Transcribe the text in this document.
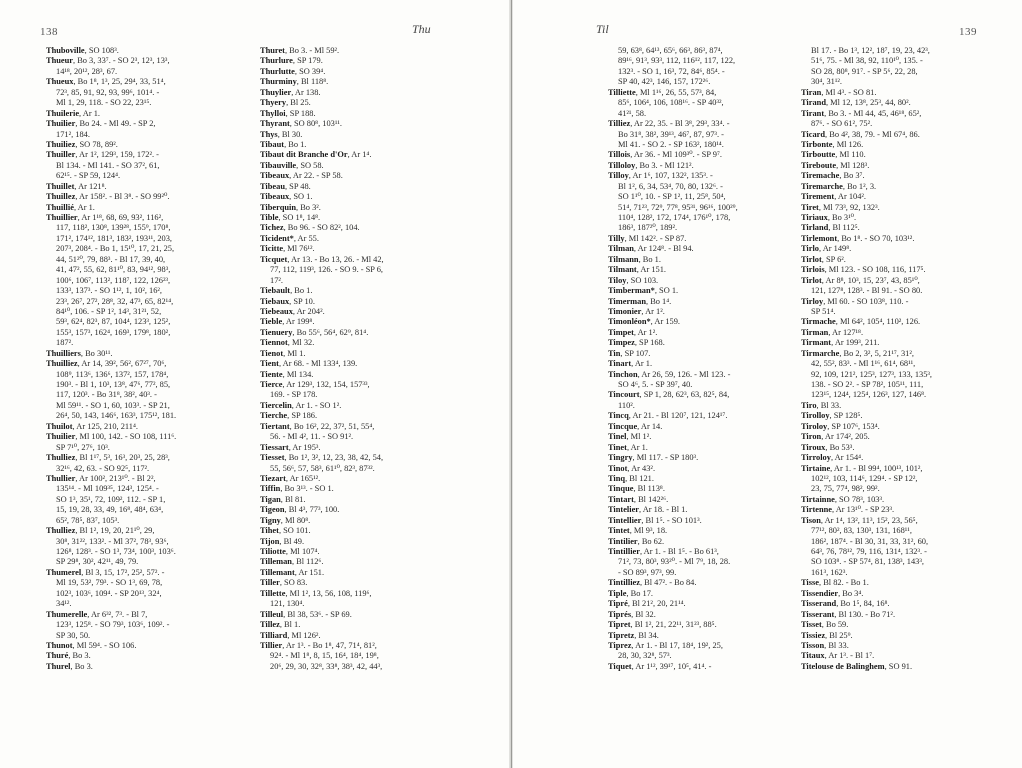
138	Thu
Thuboville, SO 108³.
Thueur, Bo 3, 33⁷. - SO 2³, 12³, 13³,
14¹⁸, 20¹², 28³, 67.
Thueux, Bo 1⁸, 1³, 25, 29⁴, 33, 51⁴,
72³, 85, 91, 92, 93, 99⁶, 101⁴. -
Ml 1, 29, 118. - SO 22, 23¹⁵.
Thuilerie, Ar 1.
Thuilier, Bo 24. - Ml 49. - SP 2,
171², 184.
Thuiliez, SO 78, 89².
Thuiller, Ar 1², 129³, 159, 172². -
Bl 134. - Ml 141. - SO 37², 61,
62¹⁵. - SP 59, 124⁴.
Thuillet, Ar 121⁸.
Thuillez, Ar 158². - Bl 3⁸. - SO 99²⁰.
Thuillié, Ar 1.
Thuillier, Ar 1¹⁸, 68, 69, 93², 116²,
117, 118², 130⁸, 139²⁸, 155⁹, 170⁸,
171², 174¹², 181³, 183², 193¹¹, 203,
207³, 208⁴. - Bo 1, 15¹⁰, 17, 21, 25,
44, 51²⁰, 79, 88³. - Bl 17, 39, 40,
41, 47², 55, 62, 81¹⁰, 83, 94¹², 98³,
100⁶, 106⁷, 113², 118⁷, 122, 126²³,
133³, 137³. - SO 1¹², 1, 10², 16²,
23³, 26⁷, 27², 28⁸, 32, 47³, 65, 82¹⁴,
84¹⁰, 106. - SP 1², 14³, 31²¹, 52,
59³, 62⁴, 82³, 87, 104⁴, 123³, 125²,
155³, 157³, 162⁴, 169³, 179⁸, 180²,
187².
Thuilliers, Bo 30¹¹.
Thuilliez, Ar 14, 39², 56², 67²⁷, 70⁶,
108⁹, 113⁶, 136⁶, 137², 157, 178⁴,
190³. - Bl 1, 10³, 13⁸, 47⁶, 77², 85,
117, 120³. - Bo 31⁸, 38², 40³. -
Ml 59¹¹. - SO 1, 60, 103³. - SP 21,
26⁴, 50, 143, 146⁶, 163³, 175¹², 181.
Thuilot, Ar 125, 210, 211⁴.
Thuilier, Ml 100, 142. - SO 108, 111⁶.
SP 7¹⁰, 27⁶, 10³.
Thulliez, Bl 1¹⁷, 5³, 16³, 20³, 25, 28³,
32¹⁶, 42, 63. - SO 92⁵, 117².
Thullier, Ar 100², 213¹⁰. - Bl 2²,
135¹⁴. - Ml 109³⁵, 124³, 125⁴. -
SO 1³, 35¹, 72, 109², 112. - SP 1,
15, 19, 28, 33, 49, 16⁸, 48⁴, 63⁴,
65², 78⁵, 83⁷, 105³.
Thulliez, Bl 1², 19, 20, 21¹⁰, 29,
30⁸, 31²², 133². - Ml 37², 78³, 93⁶,
126⁸, 128³. - SO 1³, 73⁴, 100³, 103⁶.
SP 29⁸, 30², 42¹¹, 49, 79.
Thumerel, Bl 3, 15, 17², 25², 57². -
Ml 19, 53², 79³. - SO 1³, 69, 78,
102³, 103⁶, 109⁴. - SP 20¹³, 32⁴,
34¹².
Thumerelle, Ar 6³², 7³. - Bl 7,
123³, 125⁸. - SO 79³, 103⁶, 109². -
SP 30, 50.
Thunot, Ml 59⁴. - SO 106.
Thuré, Bo 3.
Thurel, Bo 3.
Thuret, Bo 3. - Ml 59².
Thurlure, SP 179.
Thurlutte, SO 39⁴.
Thurminy, Bl 118⁸.
Thuylier, Ar 138.
Thyery, Bl 25.
Thylloi, SP 188.
Thyrant, SO 80⁸, 103¹¹.
Thys, Bl 30.
Tibaut, Bo 1.
Tibaut dit Branche d'Or, Ar 1⁴.
Tibauville, SO 58.
Tibeaux, Ar 22. - SP 58.
Tibeau, SP 48.
Tibeaux, SO 1.
Tiberquin, Bo 3².
Tible, SO 1⁸, 14⁸.
Tichez, Bo 96. - SO 82², 104.
Ticident*, Ar 55.
Ticitte, Ml 76¹².
Ticquet, Ar 13. - Bo 13, 26. - Ml 42,
77, 112, 119³, 126. - SO 9. - SP 6,
17².
Tiebault, Bo 1.
Tiebaux, SP 10.
Tiebeaux, Ar 204².
Tieble, Ar 199⁸.
Tienuery, Bo 55⁶, 56⁴, 62⁹, 81⁴.
Tiennot, Ml 32.
Tienot, Ml 1.
Tient, Ar 68. - Ml 133⁴, 139.
Tiente, Ml 134.
Tierce, Ar 129³, 132, 154, 157³³,
169. - SP 178.
Tiercelin, Ar 1. - SO 1².
Tierche, SP 186.
Tiertant, Bo 16², 22, 37², 51, 55⁴,
56. - Ml 4², 11. - SO 91².
Tiessart, Ar 195³.
Tiesset, Bo 1², 3², 12, 23, 38, 42, 54,
55, 56⁶, 57, 58³, 61¹⁰, 82³, 87³².
Tiezart, Ar 165¹².
Tiffin, Bo 3¹³. - SO 1.
Tigan, Bl 81.
Tigeon, Bl 4³, 77³, 100.
Tigny, Ml 80⁸.
Tihet, SO 101.
Tijon, Bl 49.
Tiliotte, Ml 107⁴.
Tilleman, Bl 112⁶.
Tillemant, Ar 151.
Tiller, SO 83.
Tillette, Ml 1², 13, 56, 108, 119⁶,
121, 130⁴.
Tilleul, Bl 38, 53⁶. - SP 69.
Tillez, Bl 1.
Tilliard, Ml 126².
Tillier, Ar 1³. - Bo 1⁸, 47, 71⁴, 81²,
92⁴. - Ml 1⁸, 8, 15, 16⁴, 18⁴, 19⁸,
20⁶, 29, 30, 32⁸, 33⁸, 38³, 42, 44³,
Til	139
59, 63⁸, 64¹³, 65⁶, 66³, 86³, 87⁴,
89¹⁶, 91³, 93³, 112, 116¹², 117, 122,
132³. - SO 1, 16³, 72, 84⁶, 85⁴. -
SP 40, 42³, 146, 157, 172²⁶.
Tilliette, Ml 1¹⁶, 26, 55, 57³, 84,
85⁶, 106⁴, 106, 108¹⁶. - SP 40³²,
41²¹, 58.
Tilliez, Ar 22, 35. - Bl 3⁸, 29³, 33⁴. -
Bo 31⁸, 38², 39¹³, 46⁷, 87, 97³. -
Ml 41. - SO 2. - SP 163², 180¹⁴.
Tillois, Ar 36. - Ml 109³⁰. - SP 9⁷.
Tilloloy, Bo 3. - Ml 121².
Tilloy, Ar 1⁶, 107, 132², 135³. -
Bl 1², 6, 34, 53⁴, 70, 80, 132⁶. -
SO 1¹⁰, 10. - SP 1², 11, 25⁸, 50⁴,
51⁴, 71²³, 72⁹, 77⁸, 95³¹, 96¹⁶, 100²⁹,
110⁴, 128², 172, 174⁴, 176¹⁰, 178,
186³, 187²⁰, 189².
Tilly, Ml 142². - SP 87.
Tilman, Ar 124⁸. - Bl 94.
Tilmann, Bo 1.
Tilmant, Ar 151.
Tiloy, SO 103.
Timberman*, SO 1.
Timerman, Bo 1⁴.
Timonier, Ar 1².
Timonléon*, Ar 159.
Timpet, Ar 1².
Timpez, SP 168.
Tin, SP 107.
Tinart, Ar 1.
Tinchon, Ar 26, 59, 126. - Ml 123. -
SO 4⁶, 5. - SP 39⁷, 40.
Tincourt, SP 1, 28, 62³, 63, 82⁵, 84,
110².
Tincq, Ar 21. - Bl 120⁷, 121, 124¹⁷.
Tincque, Ar 14.
Tinel, Ml 1².
Tinet, Ar 1.
Tingry, Ml 117. - SP 180³.
Tinot, Ar 43².
Tinq, Bl 121.
Tinque, Bl 113⁸.
Tintart, Bl 142²⁶.
Tintelier, Ar 18. - Bl 1.
Tintellier, Bl 1⁵. - SO 101³.
Tintet, Ml 9³, 18.
Tintilier, Bo 62.
Tintillier, Ar 1. - Bl 1⁵. - Bo 61³,
71², 73, 80³, 93²⁰. - Ml 7⁹, 18, 28.
- SO 89³, 97³, 99.
Tintilliez, Bl 47². - Bo 84.
Tiple, Bo 17.
Tipré, Bl 21², 20, 21¹⁴.
Tiprés, Bl 32.
Tipret, Bl 1², 21, 22¹¹, 31²³, 88⁵.
Tipretz, Bl 34.
Tiprez, Ar 1. - Bl 17, 18⁴, 19², 25,
28, 30, 32⁸, 57³.
Tiquet, Ar 1¹², 39¹⁷, 10⁵, 41⁴. -
Bl 17. - Bo 1³, 12², 18⁷, 19, 23, 42³,
51⁶, 75. - Ml 38, 92, 110¹⁰, 135. -
SO 28, 80⁸, 91⁷. - SP 5⁶, 22, 28,
30⁴, 31¹².
Tiran, Ml 4³. - SO 81.
Tirand, Ml 12, 13⁸, 25³, 44, 80².
Tirant, Bo 3. - Ml 44, 45, 46¹⁸, 65²,
87⁶. - SO 61², 75².
Ticard, Bo 4², 38, 79. - Ml 67⁴, 86.
Tirbonte, Ml 126.
Tirboutte, Ml 110.
Tireboute, Ml 128³.
Tiremache, Bo 3⁷.
Tiremarche, Bo 1², 3.
Tirement, Ar 104².
Tiret, Ml 73³, 92, 132³.
Tiriaux, Bo 3¹⁰.
Tirland, Bl 112⁵.
Tirlemont, Bo 1⁸. - SO 70, 103¹².
Tirlo, Ar 149⁸.
Tirlot, SP 6².
Tirlois, Ml 123. - SO 108, 116, 117⁵.
Tirlot, Ar 8⁸, 10³, 15, 23⁷, 43, 85¹⁰,
121, 127⁸, 128³. - Bl 91. - SO 80.
Tirloy, Ml 60. - SO 103⁸, 110. -
SP 51⁴.
Tirmache, Ml 64², 105⁴, 110², 126.
Tirman, Ar 127¹⁸.
Tirmant, Ar 199³, 211.
Tirmarche, Bo 2, 3², 5, 21¹⁷, 31²,
42, 55², 83³. - Ml 1¹⁶, 61⁴, 68¹¹,
92, 109, 121², 125³, 127³, 133, 135³,
138. - SO 2². - SP 78², 105¹¹, 111,
123¹⁵, 124⁴, 125⁴, 126³, 127, 146⁸.
Tiro, Bl 33.
Tirolloy, SP 128⁵.
Tiroloy, SP 107⁶, 153⁴.
Tiron, Ar 174², 205.
Tiroux, Bo 53³.
Tirroloy, Ar 154⁴.
Tirtaine, Ar 1. - Bl 99⁴, 100¹³, 101²,
102¹², 103, 114⁶, 129⁴. - SP 12²,
23, 75, 77⁴, 98², 99².
Tirtainne, SO 78³, 103³.
Tirtenne, Ar 13¹⁰. - SP 23³.
Tison, Ar 1⁴, 13², 11³, 15², 23, 56⁵,
77¹², 80², 83, 130³, 131, 168¹¹,
186², 187⁴. - Bl 30, 31, 33, 31², 60,
64³, 76, 78¹², 79, 116, 131⁴, 132³. -
SO 103⁸. - SP 57⁴, 81, 138³, 143³,
161³, 162³.
Tisse, Bl 82. - Bo 1.
Tissendier, Bo 3⁴.
Tisserand, Bo 1⁵, 84, 16⁸.
Tisserant, Bl 130. - Bo 71².
Tisset, Bo 59.
Tissiez, Bl 25⁹.
Tisson, Bl 33.
Titaux, Ar 1³. - Bl 1⁷.
Titelouse de Balinghem, SO 91.
